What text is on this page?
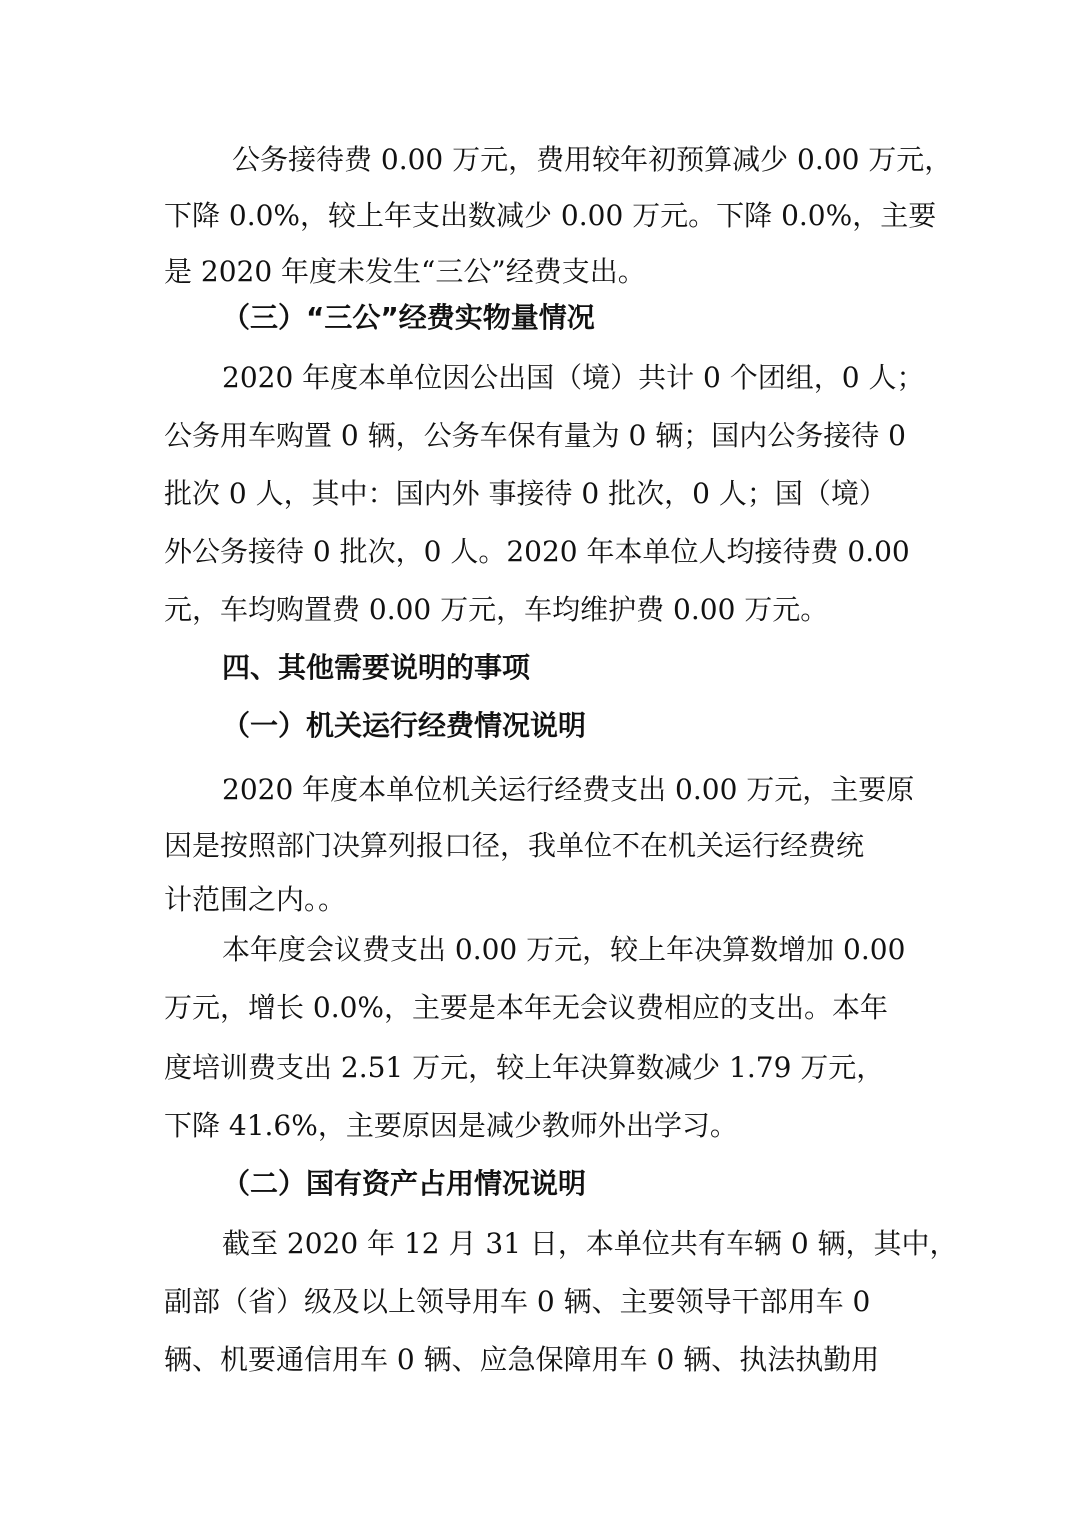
公务接待费 0.00 万元，费用较年初预算减少 0.00 万元，
下降 0.0%，较上年支出数减少 0.00 万元。下降 0.0%，主要
是 2020 年度未发生“三公”经费支出。
（三）“三公”经费实物量情况
2020 年度本单位因公出国（境）共计 0 个团组，0 人；
公务用车购置 0 辆，公务车保有量为 0 辆；国内公务接待 0
批次 0 人，其中：国内外 事接待 0 批次，0 人；国（境）
外公务接待 0 批次，0 人。2020 年本单位人均接待费 0.00
元，车均购置费 0.00 万元，车均维护费 0.00 万元。
四、其他需要说明的事项
（一）机关运行经费情况说明
2020 年度本单位机关运行经费支出 0.00 万元，主要原
因是按照部门决算列报口径，我单位不在机关运行经费统
计范围之内。。
本年度会议费支出 0.00 万元，较上年决算数增加 0.00
万元，增长 0.0%，主要是本年无会议费相应的支出。本年
度培训费支出 2.51 万元，较上年决算数减少 1.79 万元，
下降 41.6%，主要原因是减少教师外出学习。
（二）国有资产占用情况说明
截至 2020 年 12 月 31 日，本单位共有车辆 0 辆，其中，
副部（省）级及以上领导用车 0 辆、主要领导干部用车 0
辆、机要通信用车 0 辆、应急保障用车 0 辆、执法执勤用
